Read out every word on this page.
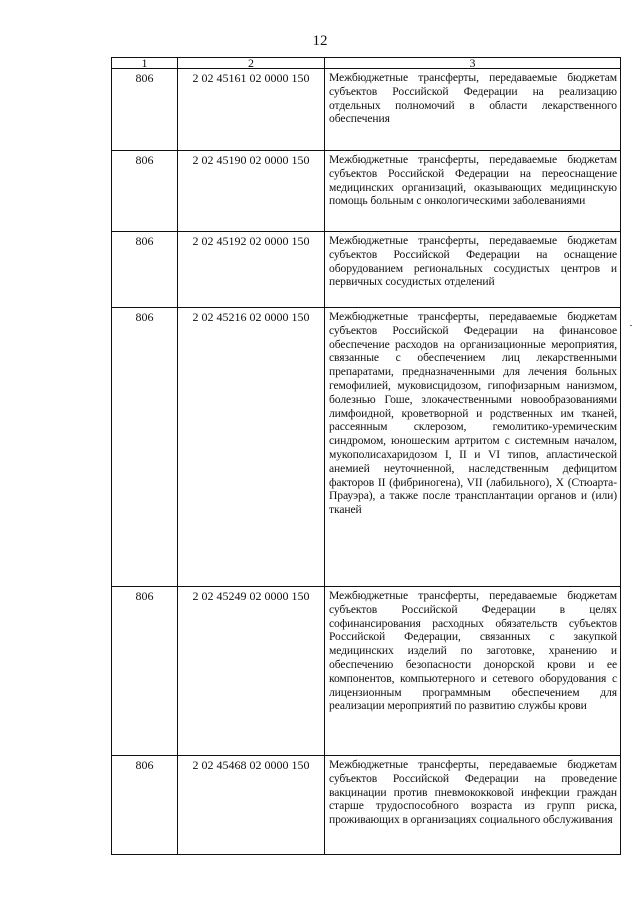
12
1	2	3
806	2 02 45161 02 0000 150	Межбюджетные трансферты, передаваемые бюджетам субъектов Российской Федерации на реализацию отдельных полномочий в области лекарственного обеспечения
806	2 02 45190 02 0000 150	Межбюджетные трансферты, передаваемые бюджетам субъектов Российской Федерации на переоснащение медицинских организаций, оказывающих медицинскую помощь больным с онкологическими заболеваниями
806	2 02 45192 02 0000 150	Межбюджетные трансферты, передаваемые бюджетам субъектов Российской Федерации на оснащение оборудованием региональных сосудистых центров и первичных сосудистых отделений
806	2 02 45216 02 0000 150	Межбюджетные трансферты, передаваемые бюджетам субъектов Российской Федерации на финансовое обеспечение расходов на организационные мероприятия, связанные с обеспечением лиц лекарственными препаратами, предназначенными для лечения больных гемофилией, муковисцидозом, гипофизарным нанизмом, болезнью Гоше, злокачественными новообразованиями лимфоидной, кроветворной и родственных им тканей, рассеянным склерозом, гемолитико-уремическим синдромом, юношеским артритом с системным началом, мукополисахаридозом I, II и VI типов, апластической анемией неуточненной, наследственным дефицитом факторов II (фибриногена), VII (лабильного), X (Стюарта-Прауэра), а также после трансплантации органов и (или) тканей
806	2 02 45249 02 0000 150	Межбюджетные трансферты, передаваемые бюджетам субъектов Российской Федерации в целях софинансирования расходных обязательств субъектов Российской Федерации, связанных с закупкой медицинских изделий по заготовке, хранению и обеспечению безопасности донорской крови и ее компонентов, компьютерного и сетевого оборудования с лицензионным программным обеспечением для реализации мероприятий по развитию службы крови
806	2 02 45468 02 0000 150	Межбюджетные трансферты, передаваемые бюджетам субъектов Российской Федерации на проведение вакцинации против пневмококковой инфекции граждан старше трудоспособного возраста из групп риска, проживающих в организациях социального обслуживания
